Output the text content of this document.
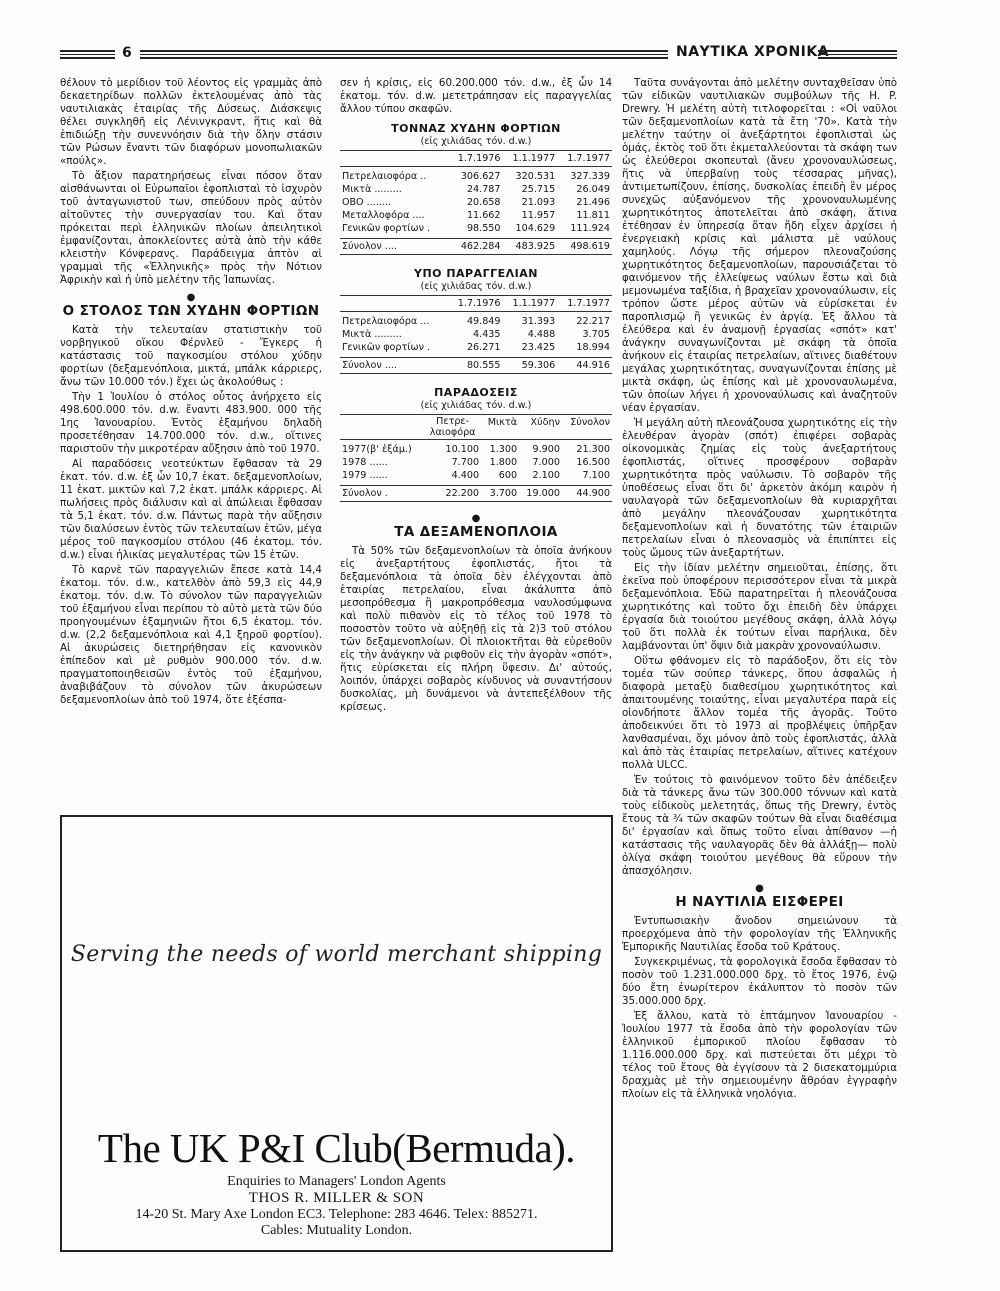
6	ΝΑΥΤΙΚΑ ΧΡΟΝΙΚΑ

θέλουν τὸ μερίδιον τοῦ λέοντος εἰς γραμμὰς ἀπὸ δεκαετηρίδων πολλῶν ἐκτελουμένας ἀπὸ τὰς ναυτιλιακὰς ἑταιρίας τῆς Δύσεως. Διάσκεψις θέλει συγκληθῆ εἰς Λένινγκραντ, ἥτις καὶ θὰ ἐπιδιώξῃ τὴν συνεννόησιν διὰ τὴν ὅλην στάσιν τῶν Ρώσων ἔναντι τῶν διαφόρων μονοπωλιακῶν «πούλς».

Τὸ ἄξιον παρατηρήσεως εἶναι πόσον ὅταν αἰσθάνωνται οἱ Εὐρωπαῖοι ἐφοπλισταὶ τὸ ἰσχυρὸν τοῦ ἀνταγωνιστοῦ των, σπεύδουν πρὸς αὐτὸν αἰτοῦντες τὴν συνεργασίαν του. Καὶ ὅταν πρόκειται περὶ ἑλληνικῶν πλοίων ἀπειλητικοὶ ἐμφανίζονται, ἀποκλείοντες αὐτὰ ἀπὸ τὴν κάθε κλειστὴν Κόνφερανς. Παράδειγμα ἀπτὸν αἱ γραμμαὶ τῆς «Ἑλληνικῆς» πρὸς τὴν Νότιον Ἀφρικὴν καὶ ἡ ὑπὸ μελέτην τῆς Ἰαπωνίας.

●
Ο ΣΤΟΛΟΣ ΤΩΝ ΧΥΔΗΝ ΦΟΡΤΙΩΝ

Κατὰ τὴν τελευταίαν στατιστικὴν τοῦ νορβηγικοῦ οἴκου Φέρνλεϋ - Ἔγκερς ἡ κατάστασις τοῦ παγκοσμίου στόλου χύδην φορτίων (δεξαμενόπλοια, μικτά, μπάλκ κάρριερς, ἄνω τῶν 10.000 τόν.) ἔχει ὡς ἀκολούθως :

Τὴν 1 Ἰουλίου ὁ στόλος οὗτος ἀνήρχετο εἰς 498.600.000 τόν. d.w. ἔναντι 483.900. 000 τῆς 1ης Ἰανουαρίου. Ἐντὸς ἑξαμήνου δηλαδὴ προσετέθησαν 14.700.000 τόν. d.w., οἵτινες παριστοῦν τὴν μικροτέραν αὔξησιν ἀπὸ τοῦ 1970.

Αἱ παραδόσεις νεοτεύκτων ἔφθασαν τὰ 29 ἑκατ. τόν. d.w. ἐξ ὧν 10,7 ἑκατ. δεξαμενοπλοίων, 11 ἑκατ. μικτῶν καὶ 7,2 ἑκατ. μπάλκ κάρριερς. Αἱ πωλήσεις πρὸς διάλυσιν καὶ αἱ ἀπώλειαι ἔφθασαν τὰ 5,1 ἑκατ. τόν. d.w. Πάντως παρὰ τὴν αὔξησιν τῶν διαλύσεων ἐντὸς τῶν τελευταίων ἐτῶν, μέγα μέρος τοῦ παγκοσμίου στόλου (46 ἑκατομ. τόν. d.w.) εἶναι ἡλικίας μεγαλυτέρας τῶν 15 ἐτῶν.

Τὸ καρνὲ τῶν παραγγελιῶν ἔπεσε κατὰ 14,4 ἑκατομ. τόν. d.w., κατελθὸν ἀπὸ 59,3 εἰς 44,9 ἑκατομ. τόν. d.w. Τὸ σύνολον τῶν παραγγελιῶν τοῦ ἑξαμήνου εἶναι περίπου τὸ αὐτὸ μετὰ τῶν δύο προηγουμένων ἑξαμηνιῶν ἤτοι 6,5 ἑκατομ. τόν. d.w. (2,2 δεξαμενόπλοια καὶ 4,1 ξηροῦ φορτίου). Αἱ ἀκυρώσεις διετηρήθησαν εἰς κανονικὸν ἐπίπεδον καὶ μὲ ρυθμὸν 900.000 τόν. d.w. πραγματοποιηθεισῶν ἐντὸς τοῦ ἑξαμήνου, ἀναβιβάζουν τὸ σύνολον τῶν ἀκυρώσεων δεξαμενοπλοίων ἀπὸ τοῦ 1974, ὅτε ἐξέσπα-

σεν ἡ κρίσις, εἰς 60.200.000 τόν. d.w., ἐξ ὧν 14 ἑκατομ. τόν. d.w. μετετράπησαν εἰς παραγγελίας ἄλλου τύπου σκαφῶν.

ΤΟΝΝΑΖ ΧΥΔΗΝ ΦΟΡΤΙΩΝ
(εἰς χιλιάδας τόν. d.w.)
	1.7.1976	1.1.1977	1.7.1977

Πετρελαιοφόρα ..	306.627	320.531	327.339
Μικτὰ .........	24.787	25.715	26.049
OBO ........	20.658	21.093	21.496
Μεταλλοφόρα ....	11.662	11.957	11.811
Γενικῶν φορτίων .	98.550	104.629	111.924

Σύνολον ....	462.284	483.925	498.619
ΥΠΟ ΠΑΡΑΓΓΕΛΙΑΝ
(εἰς χιλιάδας τόν. d.w.)
	1.7.1976	1.1.1977	1.7.1977

Πετρελαιοφόρα ...	49.849	31.393	22.217
Μικτὰ .........	4.435	4.488	3.705
Γενικῶν φορτίων .	26.271	23.425	18.994

Σύνολον ....	80.555	59.306	44.916
ΠΑΡΑΔΟΣΕΙΣ
(εἰς χιλιάδας τόν. d.w.)
	Πετρε-
λαιοφόρα	Μικτὰ	Χύδην	Σύνολον

1977(β' ἑξάμ.)	10.100	1.300	9.900	21.300
1978 ......	7.700	1.800	7.000	16.500
1979 ......	4.400	600	2.100	7.100

Σύνολον .	22.200	3.700	19.000	44.900
●
ΤΑ ΔΕΞΑΜΕΝΟΠΛΟΙΑ

Τὰ 50% τῶν δεξαμενοπλοίων τὰ ὁποῖα ἀνήκουν εἰς ἀνεξαρτήτους ἐφοπλιστάς, ἤτοι τὰ δεξαμενόπλοια τὰ ὁποῖα δὲν ἐλέγχονται ἀπὸ ἑταιρίας πετρελαίου, εἶναι ἀκάλυπτα ἀπὸ μεσοπρόθεσμα ἢ μακροπρόθεσμα ναυλοσύμφωνα καὶ πολὺ πιθανὸν εἰς τὸ τέλος τοῦ 1978 τὸ ποσοστὸν τοῦτο νὰ αὐξηθῇ εἰς τὰ 2)3 τοῦ στόλου τῶν δεξαμενοπλοίων. Οἱ πλοιοκτῆται θὰ εὑρεθοῦν εἰς τὴν ἀνάγκην νὰ ριφθοῦν εἰς τὴν ἀγορὰν «σπότ», ἥτις εὑρίσκεται εἰς πλήρη ὕφεσιν. Δι' αὐτούς, λοιπόν, ὑπάρχει σοβαρὸς κίνδυνος νὰ συναντήσουν δυσκολίας, μὴ δυνάμενοι νὰ ἀντεπεξέλθουν τῆς κρίσεως.

Ταῦτα συνάγονται ἀπὸ μελέτην συνταχθεῖσαν ὑπὸ τῶν εἰδικῶν ναυτιλιακῶν συμβούλων τῆς H. P. Drewry. Ἡ μελέτη αὐτὴ τιτλοφορεῖται : «Οἱ ναῦλοι τῶν δεξαμενοπλοίων κατὰ τὰ ἔτη '70». Κατὰ τὴν μελέτην ταύτην οἱ ἀνεξάρτητοι ἐφοπλισταὶ ὡς ὁμάς, ἐκτὸς τοῦ ὅτι ἐκμεταλλεύονται τὰ σκάφη των ὡς ἐλεύθεροι σκοπευταὶ (ἄνευ χρονοναυλώσεως, ἥτις νὰ ὑπερβαίνῃ τοὺς τέσσαρας μῆνας), ἀντιμετωπίζουν, ἐπίσης, δυσκολίας ἐπειδὴ ἓν μέρος συνεχῶς αὐξανόμενον τῆς χρονοναυλωμένης χωρητικότητος ἀποτελεῖται ἀπὸ σκάφη, ἅτινα ἐτέθησαν ἐν ὑπηρεσίᾳ ὅταν ἤδη εἶχεν ἀρχίσει ἡ ἐνεργειακὴ κρίσις καὶ μάλιστα μὲ ναύλους χαμηλούς. Λόγῳ τῆς σήμερον πλεοναζούσης χωρητικότητος δεξαμενοπλοίων, παρουσιάζεται τὸ φαινόμενον τῆς ἐλλείψεως ναύλων ἔστω καὶ διὰ μεμονωμένα ταξίδια, ἡ βραχεῖαν χρονοναύλωσιν, εἰς τρόπον ὥστε μέρος αὐτῶν νὰ εὑρίσκεται ἐν παροπλισμῷ ἢ γενικῶς ἐν ἀργίᾳ. Ἐξ ἄλλου τὰ ἐλεύθερα καὶ ἐν ἀναμονῇ ἐργασίας «σπότ» κατ' ἀνάγκην συναγωνίζονται μὲ σκάφη τὰ ὁποῖα ἀνήκουν εἰς ἑταιρίας πετρελαίων, αἵτινες διαθέτουν μεγάλας χωρητικότητας, συναγωνίζονται ἐπίσης μὲ μικτὰ σκάφη, ὡς ἐπίσης καὶ μὲ χρονοναυλωμένα, τῶν ὁποίων λήγει ἡ χρονοναύλωσις καὶ ἀναζητοῦν νέαν ἐργασίαν.

Ἡ μεγάλη αὐτὴ πλεονάζουσα χωρητικότης εἰς τὴν ἐλευθέραν ἀγορὰν (σπότ) ἐπιφέρει σοβαρὰς οἰκονομικὰς ζημίας εἰς τοὺς ἀνεξαρτήτους ἐφοπλιστάς, οἵτινες προσφέρουν σοβαρὰν χωρητικότητα πρὸς ναύλωσιν. Τὸ σοβαρὸν τῆς ὑποθέσεως εἶναι ὅτι δι' ἀρκετὸν ἀκόμη καιρὸν ἡ ναυλαγορὰ τῶν δεξαμενοπλοίων θὰ κυριαρχῆται ἀπὸ μεγάλην πλεονάζουσαν χωρητικότητα δεξαμενοπλοίων καὶ ἡ δυνατότης τῶν ἑταιριῶν πετρελαίων εἶναι ὁ πλεονασμὸς νὰ ἐπιπίπτει εἰς τοὺς ὤμους τῶν ἀνεξαρτήτων.

Εἰς τὴν ἰδίαν μελέτην σημειοῦται, ἐπίσης, ὅτι ἐκεῖνα ποὺ ὑποφέρουν περισσότερον εἶναι τὰ μικρὰ δεξαμενόπλοια. Ἐδῶ παρατηρεῖται ἡ πλεονάζουσα χωρητικότης καὶ τοῦτο ὄχι ἐπειδὴ δὲν ὑπάρχει ἐργασία διὰ τοιούτου μεγέθους σκάφη, ἀλλὰ λόγῳ τοῦ ὅτι πολλὰ ἐκ τούτων εἶναι παρήλικα, δὲν λαμβάνονται ὑπ' ὄψιν διὰ μακρὰν χρονοναύλωσιν.

Οὕτω φθάνομεν εἰς τὸ παράδοξον, ὅτι εἰς τὸν τομέα τῶν σούπερ τάνκερς, ὅπου ἀσφαλῶς ἡ διαφορὰ μεταξὺ διαθεσίμου χωρητικότητος καὶ ἀπαιτουμένης τοιαύτης, εἶναι μεγαλυτέρα παρὰ εἰς οἱονδήποτε ἄλλον τομέα τῆς ἀγορᾶς. Τοῦτο ἀποδεικνύει ὅτι τὸ 1973 αἱ προβλέψεις ὑπῆρξαν λανθασμέναι, ὄχι μόνον ἀπὸ τοὺς ἐφοπλιστάς, ἀλλὰ καὶ ἀπὸ τὰς ἑταιρίας πετρελαίων, αἵτινες κατέχουν πολλὰ ULCC.

Ἐν τούτοις τὸ φαινόμενον τοῦτο δὲν ἀπέδειξεν διὰ τὰ τάνκερς ἄνω τῶν 300.000 τόννων καὶ κατὰ τοὺς εἰδικοὺς μελετητάς, ὅπως τῆς Drewry, ἐντὸς ἔτους τὰ ¾ τῶν σκαφῶν τούτων θὰ εἶναι διαθέσιμα δι' ἐργασίαν καὶ ὅπως τοῦτο εἶναι ἀπίθανον —ἡ κατάστασις τῆς ναυλαγορᾶς δὲν θὰ ἀλλάξῃ— πολὺ ὀλίγα σκάφη τοιούτου μεγέθους θὰ εὕρουν τὴν ἀπασχόλησιν.

●
Η ΝΑΥΤΙΛΙΑ ΕΙΣΦΕΡΕΙ

Ἐντυπωσιακὴν ἄνοδον σημειώνουν τὰ προερχόμενα ἀπὸ τὴν φορολογίαν τῆς Ἑλληνικῆς Ἐμπορικῆς Ναυτιλίας ἔσοδα τοῦ Κράτους.

Συγκεκριμένως, τὰ φορολογικὰ ἔσοδα ἔφθασαν τὸ ποσὸν τοῦ 1.231.000.000 δρχ. τὸ ἔτος 1976, ἐνῷ δύο ἔτη ἐνωρίτερον ἐκάλυπτον τὸ ποσὸν τῶν 35.000.000 δρχ.

Ἐξ ἄλλου, κατὰ τὸ ἑπτάμηνον Ἰανουαρίου - Ἰουλίου 1977 τὰ ἔσοδα ἀπὸ τὴν φορολογίαν τῶν ἑλληνικοῦ ἐμπορικοῦ πλοίου ἔφθασαν τὸ 1.116.000.000 δρχ. καὶ πιστεύεται ὅτι μέχρι τὸ τέλος τοῦ ἔτους θὰ ἐγγίσουν τὰ 2 δισεκατομμύρια δραχμὰς μὲ τὴν σημειουμένην ἄθρόαν ἐγγραφὴν πλοίων εἰς τὰ ἑλληνικὰ νηολόγια.

Serving the needs of world merchant shipping
The UK P&I Club(Bermuda).
Enquiries to Managers' London Agents
THOS R. MILLER & SON
14-20 St. Mary Axe London EC3. Telephone: 283 4646. Telex: 885271.
Cables: Mutuality London.
